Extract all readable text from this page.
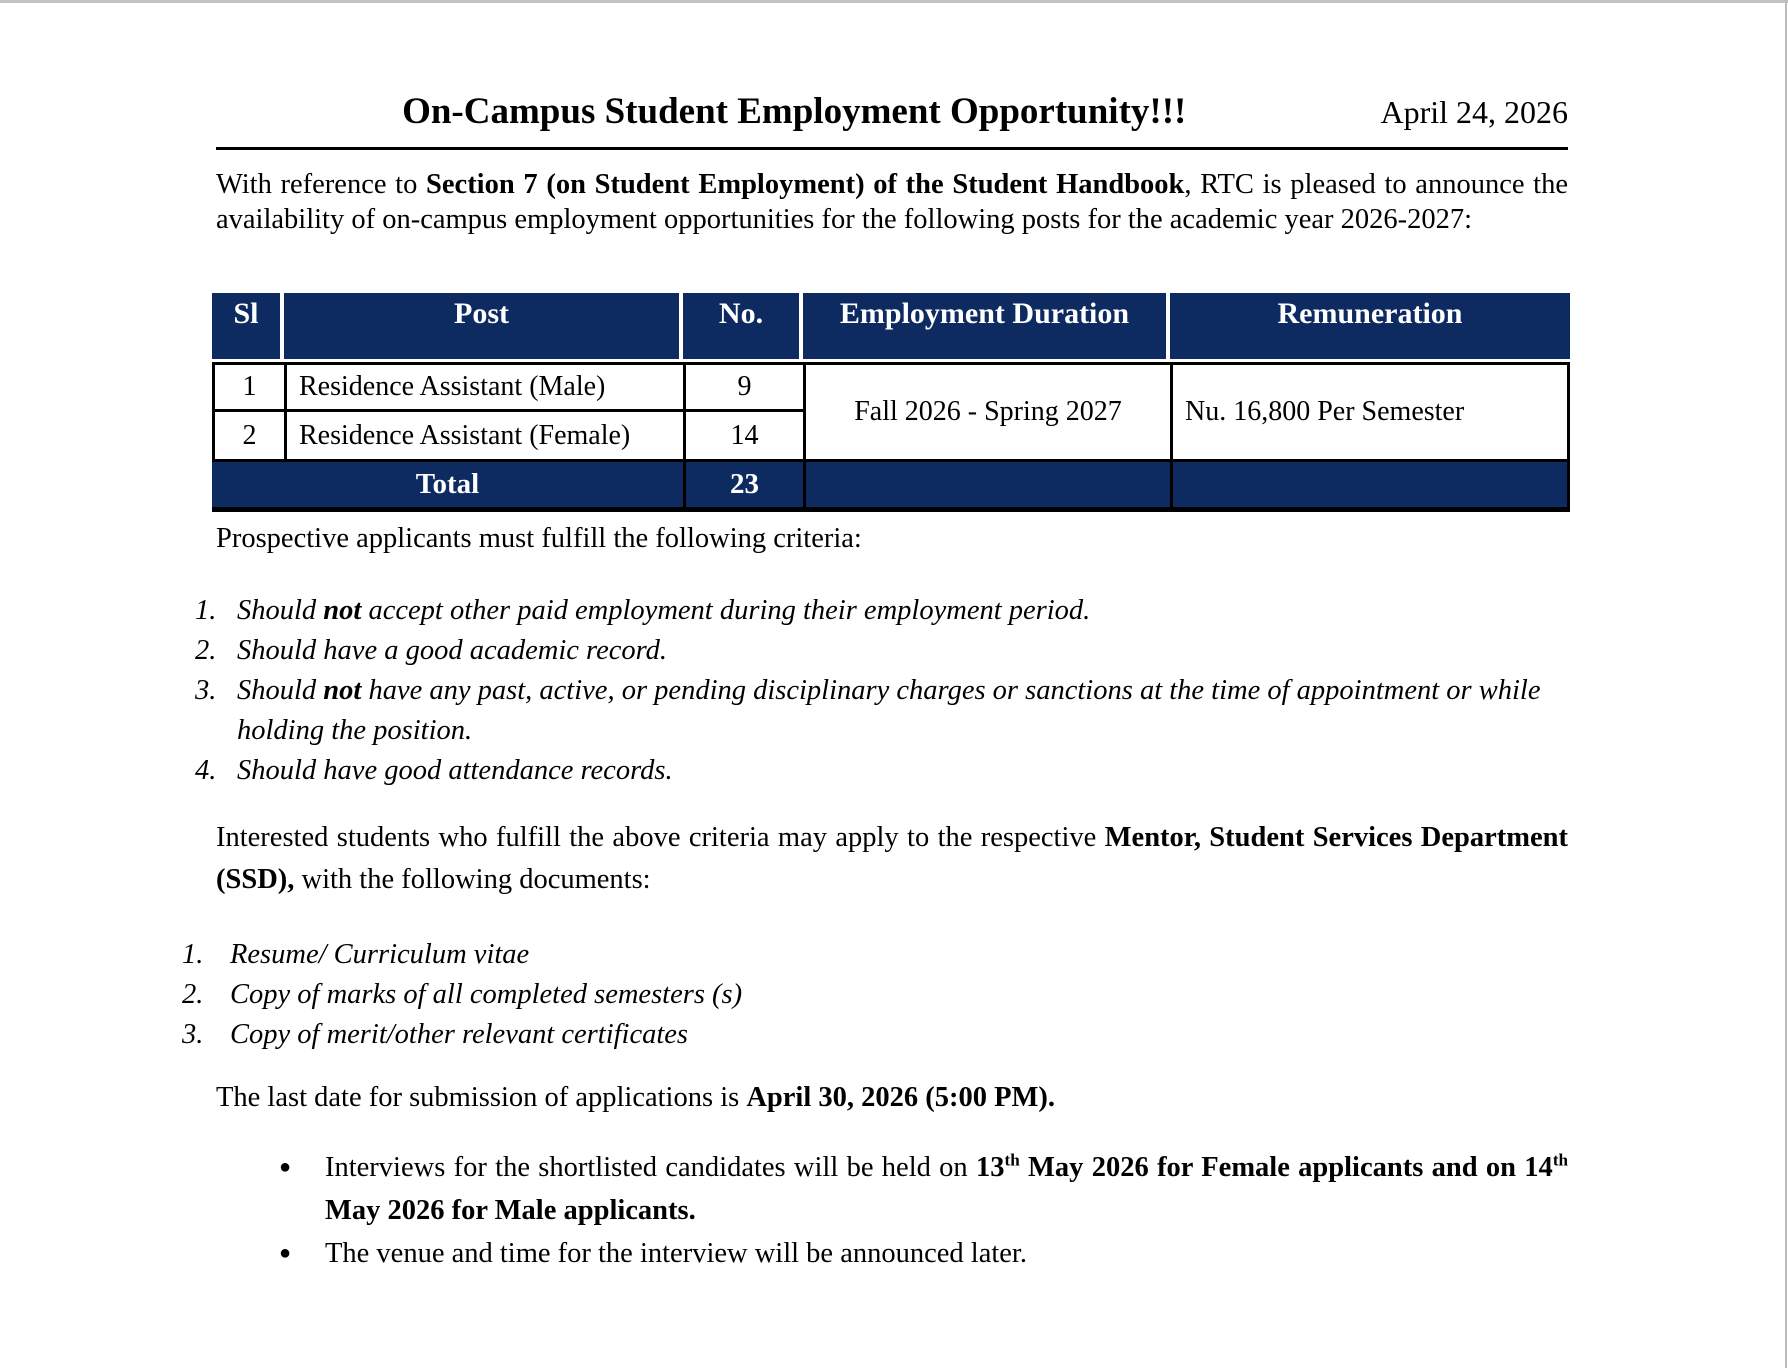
On-Campus Student Employment Opportunity!!!	April 24, 2026

With reference to Section 7 (on Student Employment) of the Student Handbook, RTC is pleased to announce the availability of on-campus employment opportunities for the following posts for the academic year 2026-2027:

Sl	Post	No.	Employment Duration	Remuneration
1	Residence Assistant (Male)	9	Fall 2026 - Spring 2027	Nu. 16,800 Per Semester
2	Residence Assistant (Female)	14		
Total		23		

Prospective applicants must fulfill the following criteria:

1. Should not accept other paid employment during their employment period.
2. Should have a good academic record.
3. Should not have any past, active, or pending disciplinary charges or sanctions at the time of appointment or while holding the position.
4. Should have good attendance records.

Interested students who fulfill the above criteria may apply to the respective Mentor, Student Services Department (SSD), with the following documents:

1. Resume/ Curriculum vitae
2. Copy of marks of all completed semesters (s)
3. Copy of merit/other relevant certificates

The last date for submission of applications is April 30, 2026 (5:00 PM).

●	Interviews for the shortlisted candidates will be held on 13th May 2026 for Female applicants and on 14th May 2026 for Male applicants.
●	The venue and time for the interview will be announced later.
